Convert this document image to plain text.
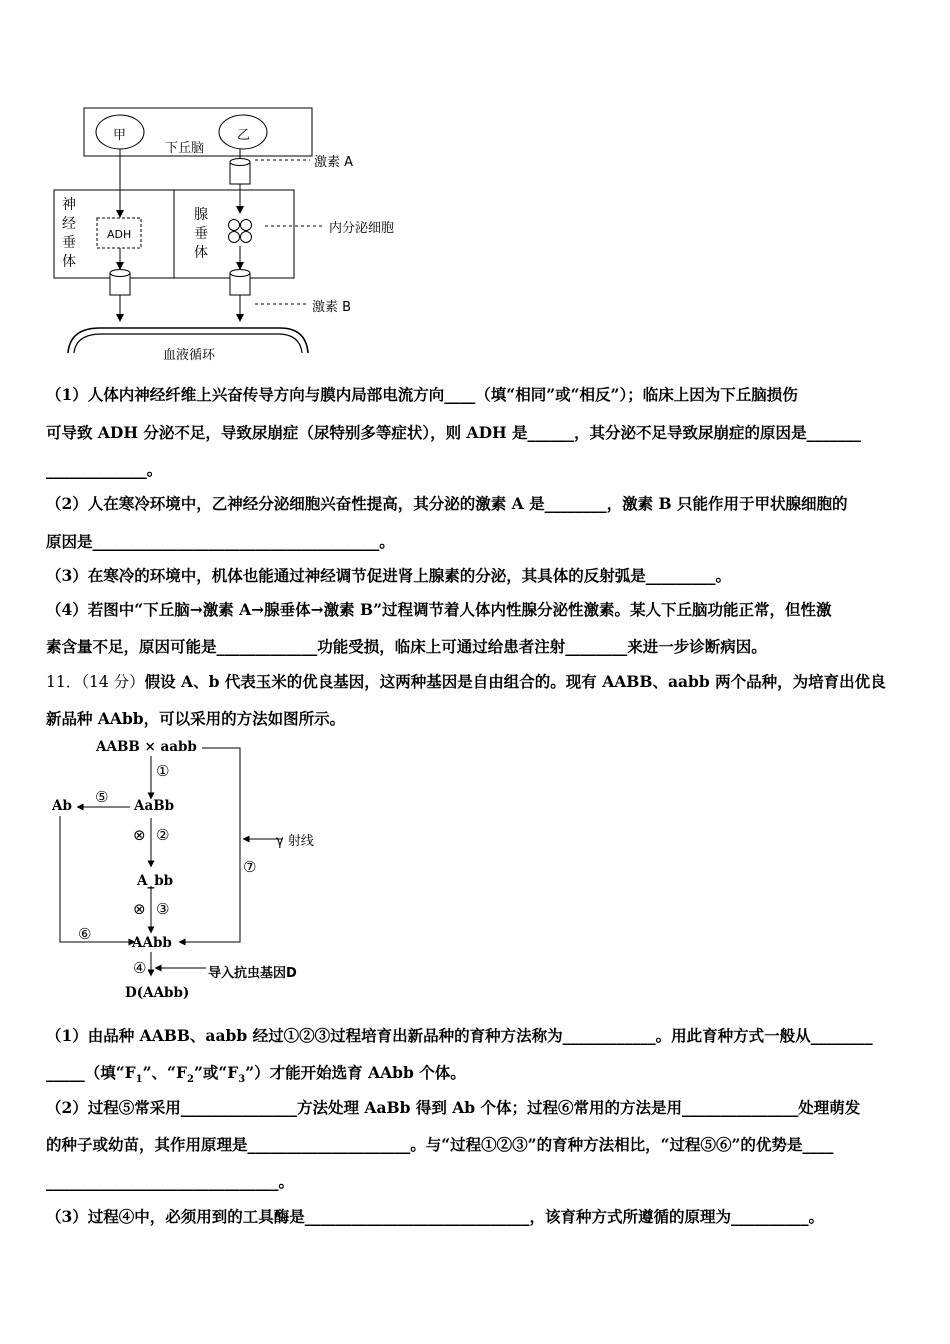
甲	乙
下丘脑
神
经
垂
体
腺
垂
体
ADH
激素 A
内分泌细胞
激素 B
血液循环
（1）人体内神经纤维上兴奋传导方向与膜内局部电流方向____（填“相同”或“相反”）；临床上因为下丘脑损伤
可导致 ADH 分泌不足，导致尿崩症（尿特别多等症状），则 ADH 是______，其分泌不足导致尿崩症的原因是_______
_____________。
（2）人在寒冷环境中，乙神经分泌细胞兴奋性提高，其分泌的激素 A 是________，激素 B 只能作用于甲状腺细胞的
原因是_____________________________________。
（3）在寒冷的环境中，机体也能通过神经调节促进肾上腺素的分泌，其具体的反射弧是_________。
（4）若图中“下丘脑→激素 A→腺垂体→激素 B”过程调节着人体内性腺分泌性激素。某人下丘脑功能正常，但性激
素含量不足，原因可能是_____________功能受损，临床上可通过给患者注射________来进一步诊断病因。
11．（14 分）假设 A、b 代表玉米的优良基因，这两种基因是自由组合的。现有 AABB、aabb 两个品种，为培育出优良
新品种 AAbb，可以采用的方法如图所示。
AABB × aabb
①
AaBb
⑤
Ab
⊗ ②	γ 射线
⑦
A_bb
⊗ ③
⑥	AAbb
④	导入抗虫基因D
D(AAbb)
（1）由品种 AABB、aabb 经过①②③过程培育出新品种的育种方法称为____________。用此育种方式一般从________
_____（填“$F_1$”、“$F_2$”或“$F_3$”）才能开始选育 AAbb 个体。
（2）过程⑤常采用_______________方法处理 AaBb 得到 Ab 个体；过程⑥常用的方法是用_______________处理萌发
的种子或幼苗，其作用原理是_____________________。与“过程①②③”的育种方法相比，“过程⑤⑥”的优势是____
______________________________。
（3）过程④中，必须用到的工具酶是_____________________________，该育种方式所遵循的原理为__________。
